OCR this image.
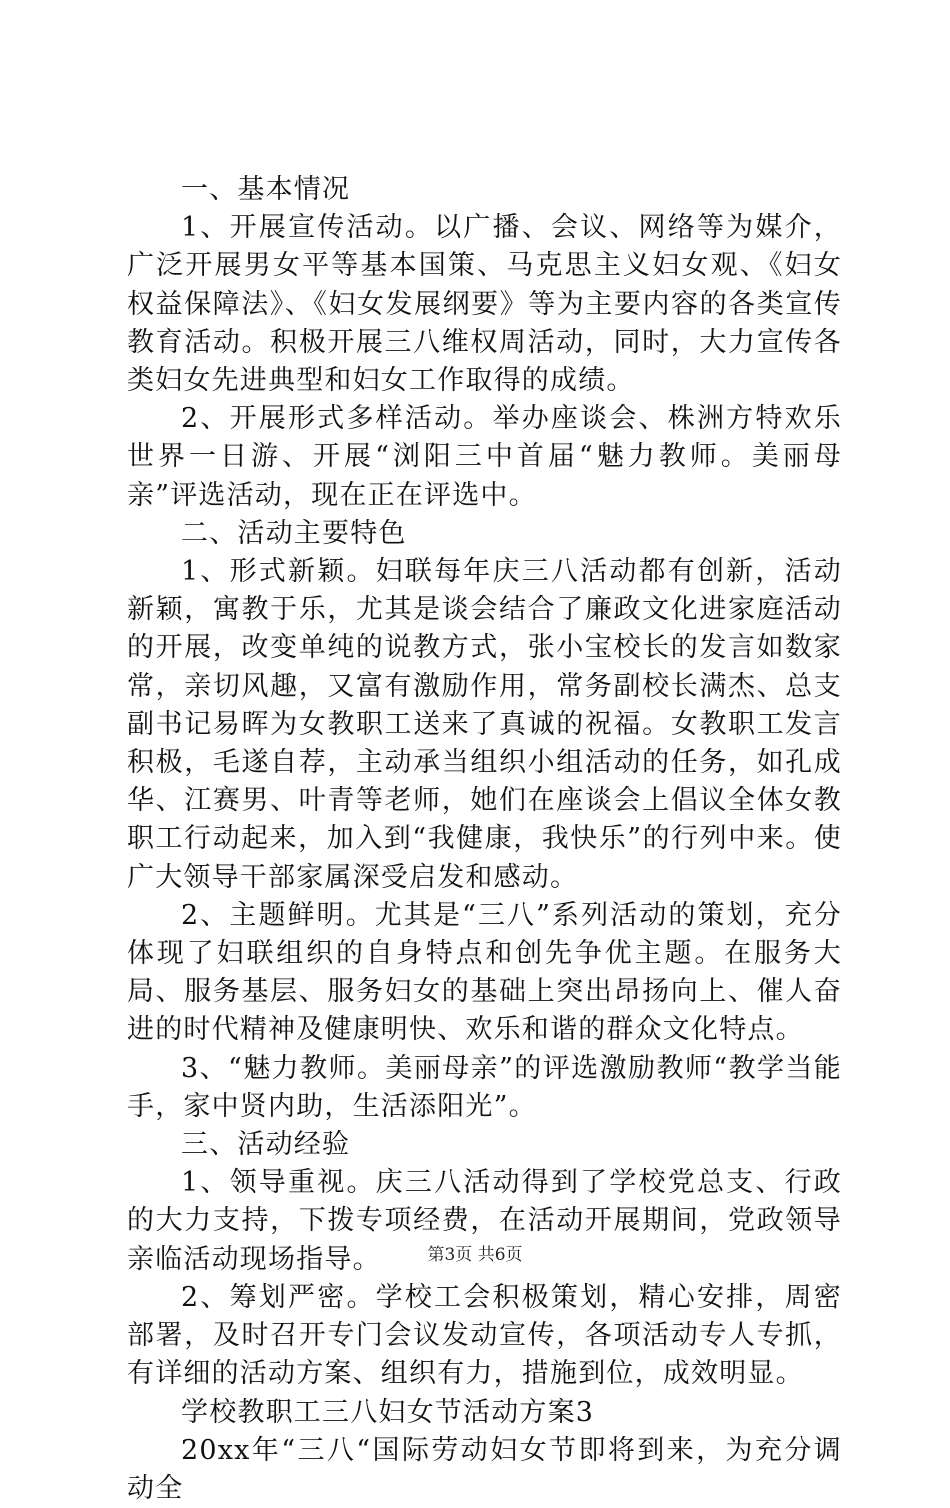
一、基本情况

1、开展宣传活动。以广播、会议、网络等为媒介，广泛开展男女平等基本国策、马克思主义妇女观、《妇女权益保障法》、《妇女发展纲要》等为主要内容的各类宣传教育活动。积极开展三八维权周活动，同时，大力宣传各类妇女先进典型和妇女工作取得的成绩。

2、开展形式多样活动。举办座谈会、株洲方特欢乐世界一日游、开展“浏阳三中首届“魅力教师。美丽母亲”评选活动，现在正在评选中。

二、活动主要特色

1、形式新颖。妇联每年庆三八活动都有创新，活动新颖，寓教于乐，尤其是谈会结合了廉政文化进家庭活动的开展，改变单纯的说教方式，张小宝校长的发言如数家常，亲切风趣，又富有激励作用，常务副校长满杰、总支副书记易晖为女教职工送来了真诚的祝福。女教职工发言积极，毛遂自荐，主动承当组织小组活动的任务，如孔成华、江赛男、叶青等老师，她们在座谈会上倡议全体女教职工行动起来，加入到“我健康，我快乐”的行列中来。使广大领导干部家属深受启发和感动。

2、主题鲜明。尤其是“三八”系列活动的策划，充分体现了妇联组织的自身特点和创先争优主题。在服务大局、服务基层、服务妇女的基础上突出昂扬向上、催人奋进的时代精神及健康明快、欢乐和谐的群众文化特点。

3、“魅力教师。美丽母亲”的评选激励教师“教学当能手，家中贤内助，生活添阳光”。

三、活动经验

1、领导重视。庆三八活动得到了学校党总支、行政的大力支持，下拨专项经费，在活动开展期间，党政领导亲临活动现场指导。

2、筹划严密。学校工会积极策划，精心安排，周密部署，及时召开专门会议发动宣传，各项活动专人专抓，有详细的活动方案、组织有力，措施到位，成效明显。

学校教职工三八妇女节活动方案3

20xx年“三八“国际劳动妇女节即将到来，为充分调动全

第3页 共6页
